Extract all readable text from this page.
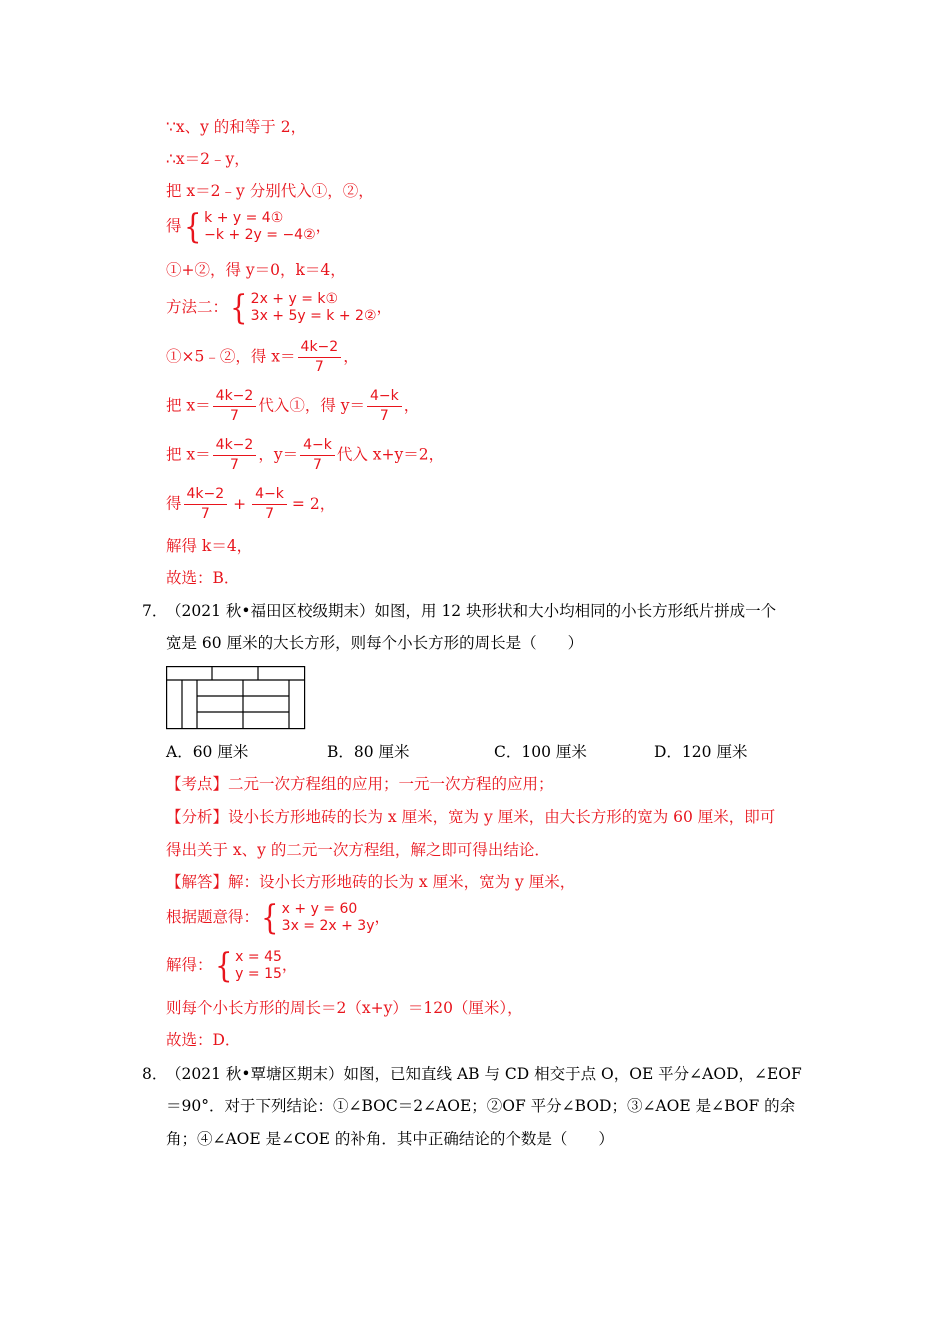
∵x、y 的和等于 2，
∴x＝2﹣y，
把 x＝2﹣y 分别代入①，②，
得{ k + y = 4①
−k + 2y = −4② ，
①+②，得 y＝0，k＝4，
方法二：{ 2x + y = k①
3x + 5y = k + 2② ，
①×5﹣②，得 $x= \frac{4k-2}{7}$ ，
把 $x= \frac{4k-2}{7}$ 代入①，得 $y= \frac{4-k}{7}$ ，
把 $x= \frac{4k-2}{7}$ ，$y= \frac{4-k}{7}$ 代入 x+y＝2，
得 $\frac{4k-2}{7} + \frac{4-k}{7} = 2$，
解得 k＝4，
故选：B．
7．
（2021 秋•福田区校级期末）如图，用 12 块形状和大小均相同的小长方形纸片拼成一个
宽是 60 厘米的大长方形，则每个小长方形的周长是（　　）
A．60 厘米	B．80 厘米	C．100 厘米	D．120 厘米
【考点】二元一次方程组的应用；一元一次方程的应用；
【分析】设小长方形地砖的长为 x 厘米，宽为 y 厘米，由大长方形的宽为 60 厘米，即可
得出关于 x、y 的二元一次方程组，解之即可得出结论．
【解答】解：设小长方形地砖的长为 x 厘米，宽为 y 厘米，
根据题意得：{ x + y = 60
3x = 2x + 3y ，
解得：{ x = 45
y = 15 ，
则每个小长方形的周长＝2（x+y）＝120（厘米），
故选：D．
8．
（2021 秋•覃塘区期末）如图，已知直线 AB 与 CD 相交于点 O，OE 平分∠AOD，∠EOF
＝90°．对于下列结论：①∠BOC＝2∠AOE；②OF 平分∠BOD；③∠AOE 是∠BOF 的余
角；④∠AOE 是∠COE 的补角．其中正确结论的个数是（　　）
